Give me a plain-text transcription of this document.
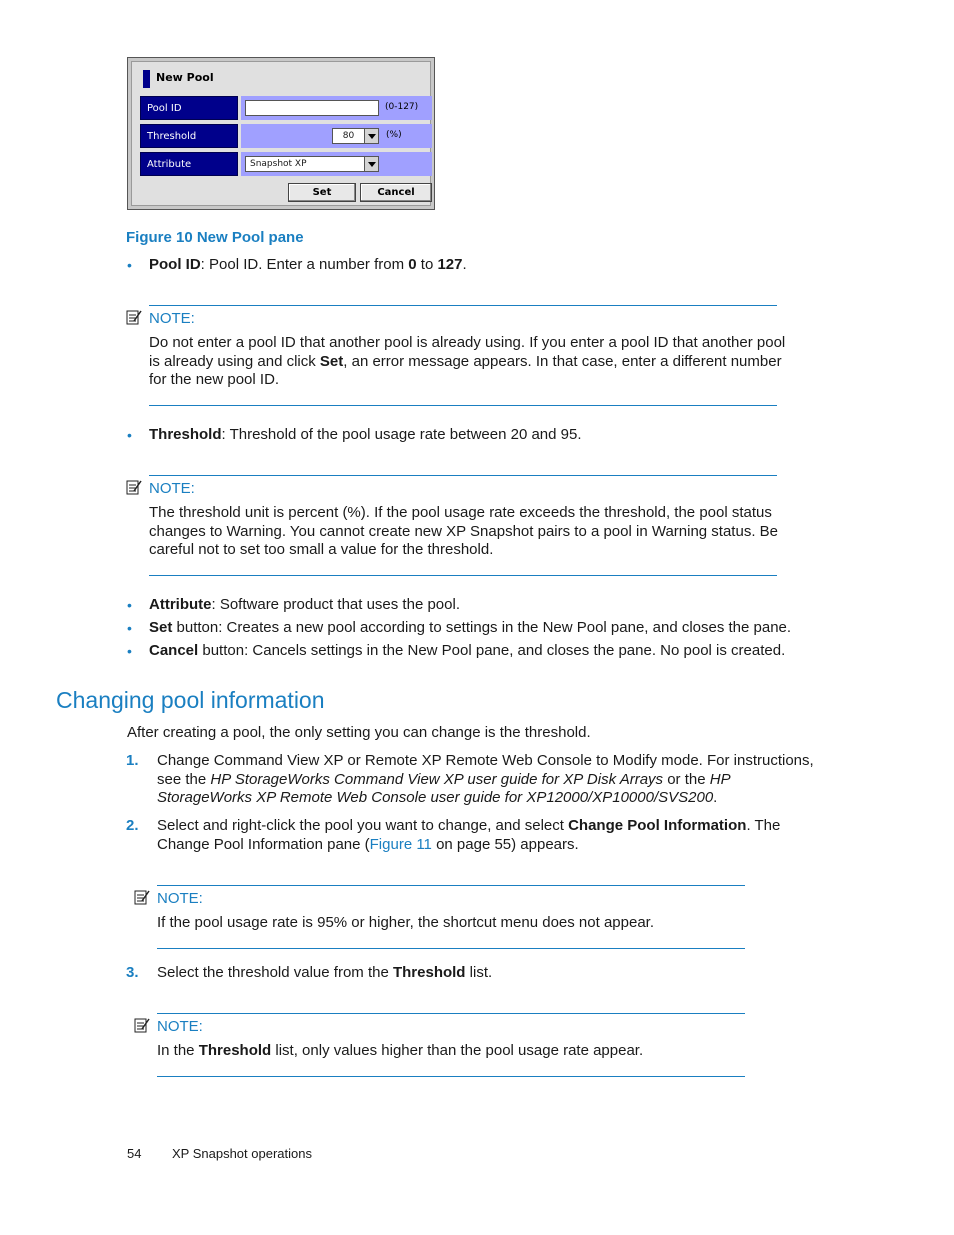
New Pool
Pool ID	(0-127)
Threshold	80	(%)
Attribute	Snapshot XP
Set	Cancel
Figure 10 New Pool pane
• Pool ID: Pool ID. Enter a number from 0 to 127.
NOTE:
Do not enter a pool ID that another pool is already using. If you enter a pool ID that another pool
is already using and click Set, an error message appears. In that case, enter a different number
for the new pool ID.
• Threshold: Threshold of the pool usage rate between 20 and 95.
NOTE:
The threshold unit is percent (%). If the pool usage rate exceeds the threshold, the pool status
changes to Warning. You cannot create new XP Snapshot pairs to a pool in Warning status. Be
careful not to set too small a value for the threshold.
• Attribute: Software product that uses the pool.
• Set button: Creates a new pool according to settings in the New Pool pane, and closes the pane.
• Cancel button: Cancels settings in the New Pool pane, and closes the pane. No pool is created.
Changing pool information
After creating a pool, the only setting you can change is the threshold.
1. Change Command View XP or Remote XP Remote Web Console to Modify mode. For instructions,
see the HP StorageWorks Command View XP user guide for XP Disk Arrays or the HP
StorageWorks XP Remote Web Console user guide for XP12000/XP10000/SVS200.
2. Select and right-click the pool you want to change, and select Change Pool Information. The
Change Pool Information pane (Figure 11 on page 55) appears.
NOTE:
If the pool usage rate is 95% or higher, the shortcut menu does not appear.
3. Select the threshold value from the Threshold list.
NOTE:
In the Threshold list, only values higher than the pool usage rate appear.
54 XP Snapshot operations
